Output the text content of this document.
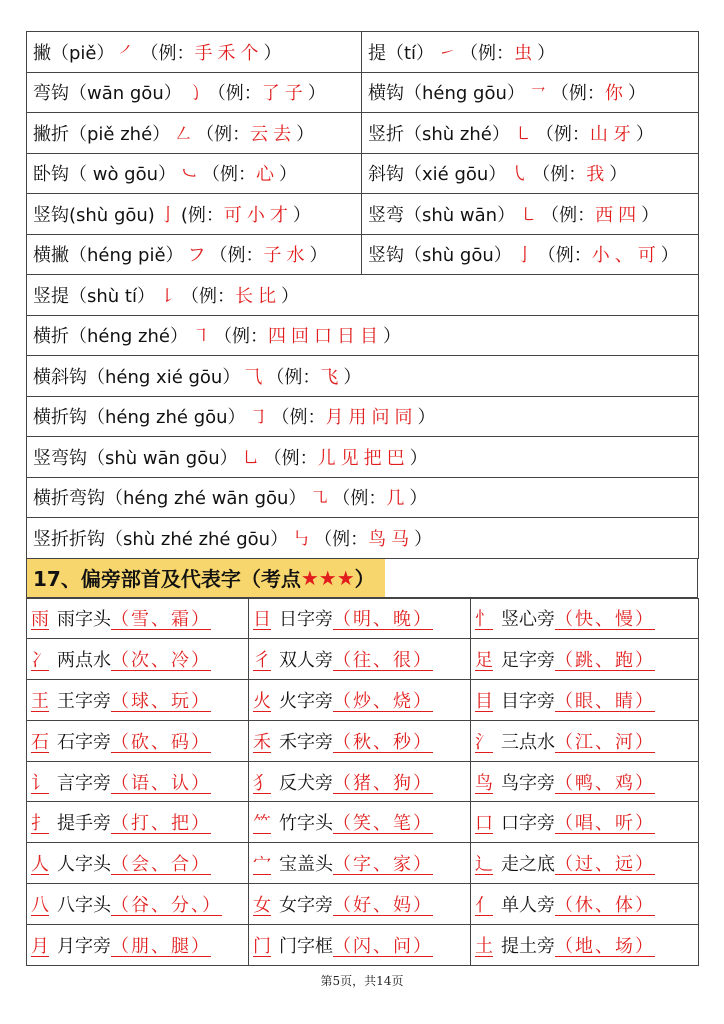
撇（piě） ㇒ （例：手禾个）	提（tí） ㇀ （例：虫）
弯钩（wān gōu） ㇁ （例：了子）	横钩（héng gōu） ㇖ （例：你）
撇折（piě zhé） ㇜ （例：云去）	竖折（shù zhé） ㇄ （例：山牙）
卧钩（ wò gōu） ㇃ （例：心）	斜钩（xié gōu） ㇂ （例：我）
竖钩(shù gōu) 亅 (例：可小才）	竖弯（shù wān） ㇄ （例：西四）
横撇（héng piě） フ （例：子水）	竖钩（shù gōu） 亅 （例：小、可）
竖提（shù tí） ㇙ （例：长比）	
横折（héng zhé） ㇕ （例：四回口日目）	
横斜钩（héng xié gōu） ⺄ （例：飞）	
横折钩（héng zhé gōu） ㇆ （例：月用问同）	
竖弯钩（shù wān gōu） ㇟ （例：儿见把巴）	
横折弯钩（héng zhé wān gōu） ㇈ （例：几）	
竖折折钩（shù zhé zhé gōu） ㇉ （例：鸟马）	
17、偏旁部首及代表字（考点 ★★★ ）
雨 雨字头（雪、霜）	日 日字旁（明、晚）	忄 竖心旁（快、慢）
冫 两点水（次、冷）	彳 双人旁（往、很）	足 足字旁（跳、跑）
王 王字旁（球、玩）	火 火字旁（炒、烧）	目 目字旁（眼、睛）
石 石字旁（砍、码）	禾 禾字旁（秋、秒）	氵 三点水（江、河）
讠 言字旁（语、认）	犭 反犬旁（猪、狗）	鸟 鸟字旁（鸭、鸡）
扌 提手旁（打、把）	⺮ 竹字头（笑、笔）	口 口字旁（唱、听）
人 人字头（会、合）	宀 宝盖头（字、家）	辶 走之底（过、远）
八 八字头（谷、分、）	女 女字旁（好、妈）	亻 单人旁（休、体）
月 月字旁（朋、腿）	门 门字框（闪、问）	土 提土旁（地、场）
第5页，共14页
